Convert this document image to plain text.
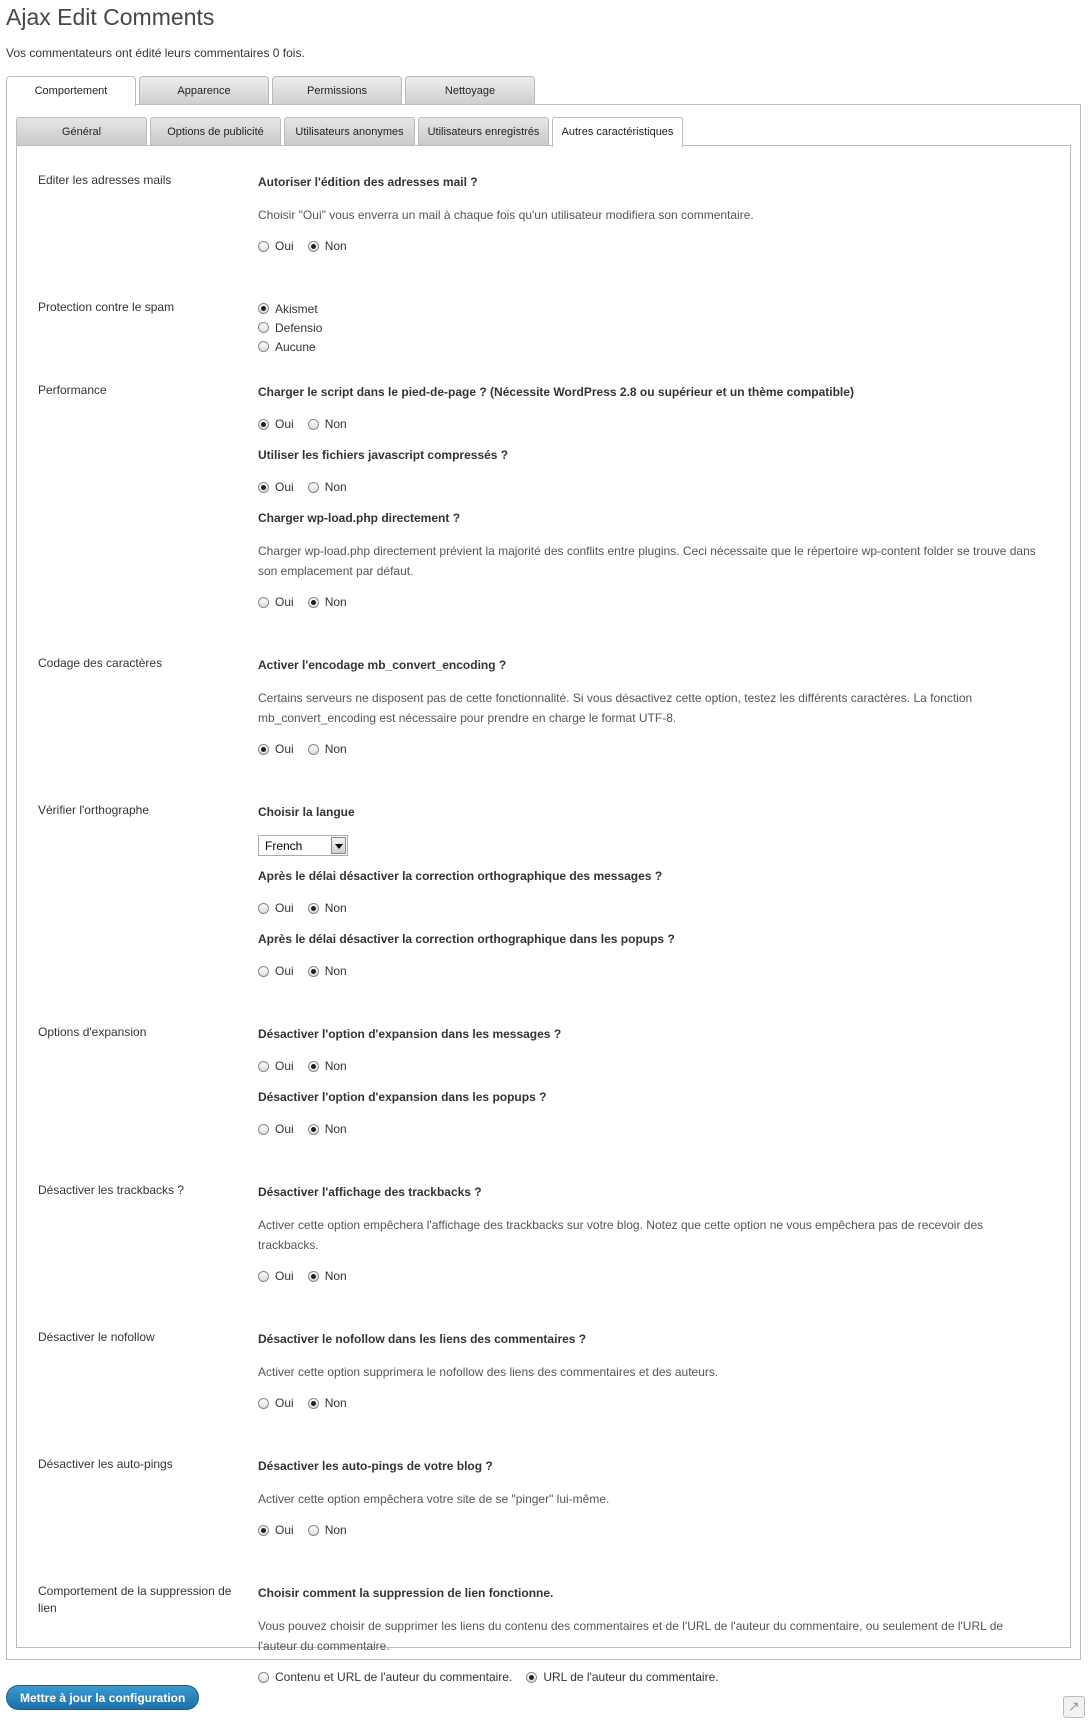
Ajax Edit Comments

Vos commentateurs ont édité leurs commentaires 0 fois.

Comportement	Apparence	Permissions	Nettoyage
Général	Options de publicité	Utilisateurs anonymes	Utilisateurs enregistrés	Autres caractéristiques
Editer les adresses mails	Autoriser l'édition des adresses mail ?
Choisir "Oui" vous enverra un mail à chaque fois qu'un utilisateur modifiera son commentaire.
Oui	Non
Protection contre le spam	Akismet
Defensio
Aucune
Performance	Charger le script dans le pied-de-page ? (Nécessite WordPress 2.8 ou supérieur et un thème compatible)
Oui	Non
Utiliser les fichiers javascript compressés ?
Oui	Non
Charger wp-load.php directement ?
Charger wp-load.php directement prévient la majorité des conflits entre plugins. Ceci nécessaite que le répertoire wp-content folder se trouve dans son emplacement par défaut.
Oui	Non
Codage des caractères	Activer l'encodage mb_convert_encoding ?
Certains serveurs ne disposent pas de cette fonctionnalité. Si vous désactivez cette option, testez les différents caractères. La fonction mb_convert_encoding est nécessaire pour prendre en charge le format UTF-8.
Oui	Non
Vérifier l'orthographe	Choisir la langue
French
Après le délai désactiver la correction orthographique des messages ?
Oui	Non
Après le délai désactiver la correction orthographique dans les popups ?
Oui	Non
Options d'expansion	Désactiver l'option d'expansion dans les messages ?
Oui	Non
Désactiver l'option d'expansion dans les popups ?
Oui	Non
Désactiver les trackbacks ?	Désactiver l'affichage des trackbacks ?
Activer cette option empêchera l'affichage des trackbacks sur votre blog. Notez que cette option ne vous empêchera pas de recevoir des trackbacks.
Oui	Non
Désactiver le nofollow	Désactiver le nofollow dans les liens des commentaires ?
Activer cette option supprimera le nofollow des liens des commentaires et des auteurs.
Oui	Non
Désactiver les auto-pings	Désactiver les auto-pings de votre blog ?
Activer cette option empêchera votre site de se "pinger" lui-même.
Oui	Non
Comportement de la suppression de lien
Choisir comment la suppression de lien fonctionne.
Vous pouvez choisir de supprimer les liens du contenu des commentaires et de l'URL de l'auteur du commentaire, ou seulement de l'URL de l'auteur du commentaire.
Contenu et URL de l'auteur du commentaire.	URL de l'auteur du commentaire.
Mettre à jour la configuration
↗
